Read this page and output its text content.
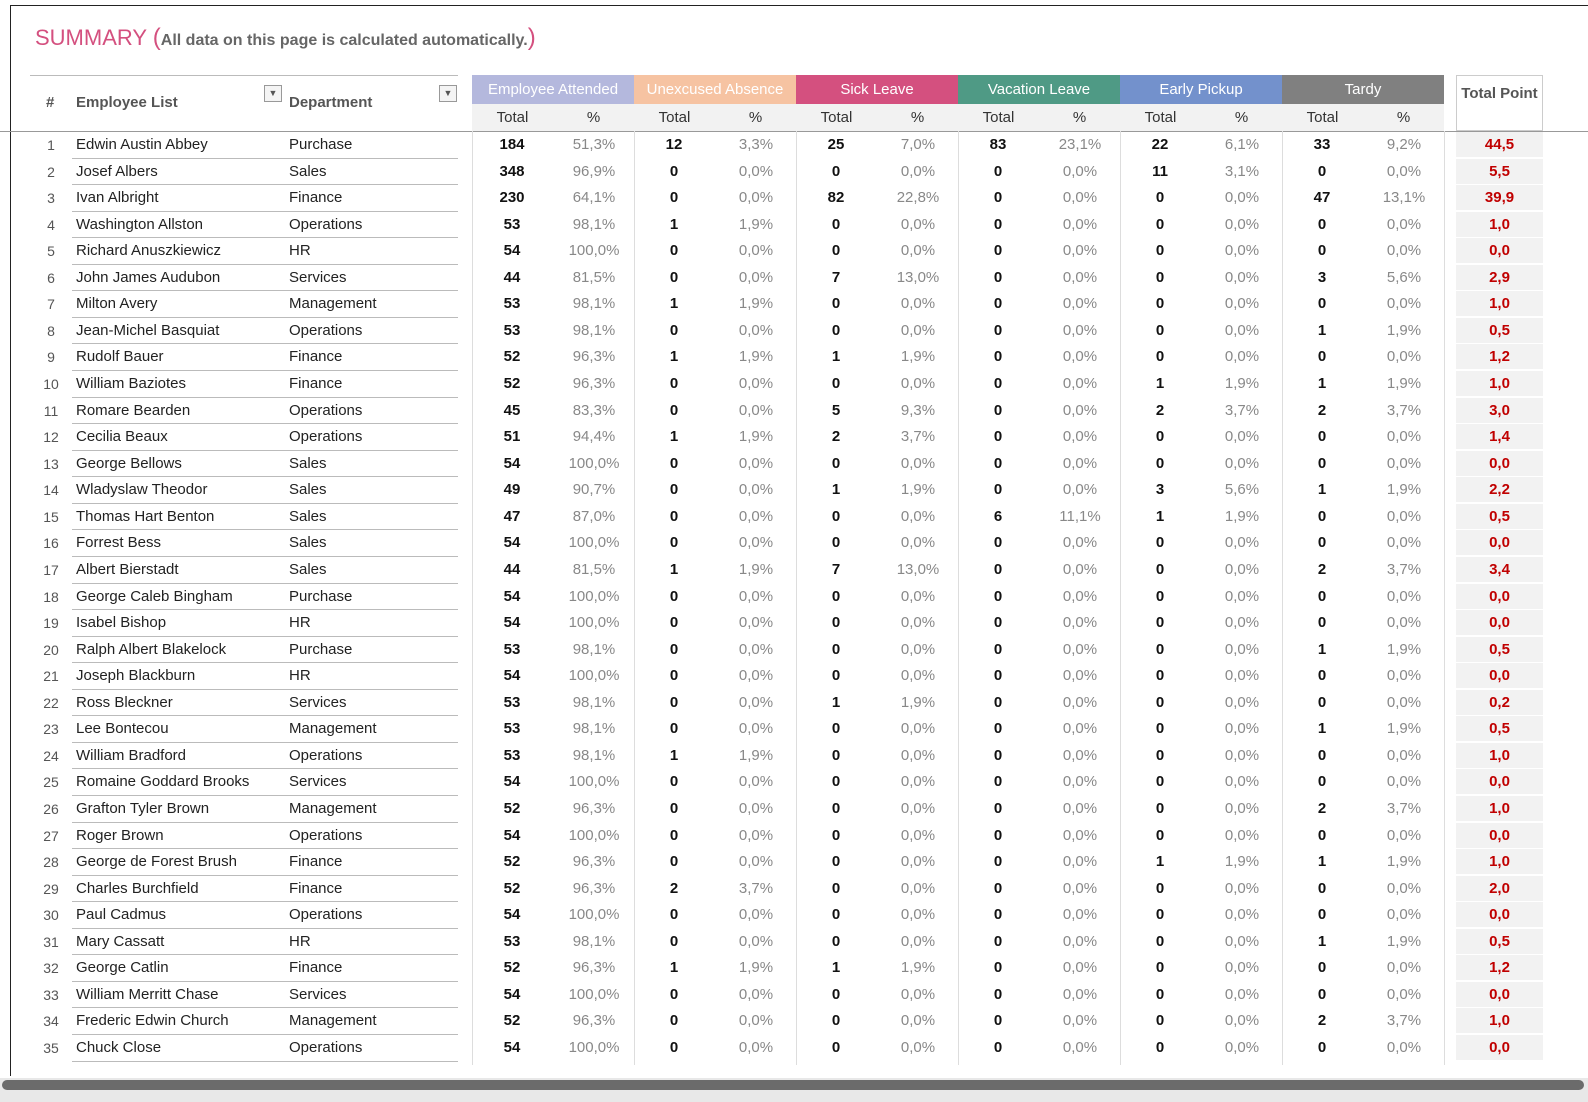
SUMMARY (All data on this page is calculated automatically.)
# Employee List
▼
Department
▼	Employee Attended
Total	%
Unexcused Absence
Total	%
Sick Leave
Total	%
Vacation Leave
Total	%
Early Pickup
Total	%
Tardy
Total	%
Total Point
1	Edwin Austin Abbey	Purchase	184	51,3%	12	3,3%	25	7,0%	83	23,1%	22	6,1%	33	9,2%	44,5
2	Josef Albers	Sales	348	96,9%	0	0,0%	0	0,0%	0	0,0%	11	3,1%	0	0,0%	5,5
3	Ivan Albright	Finance	230	64,1%	0	0,0%	82	22,8%	0	0,0%	0	0,0%	47	13,1%	39,9
4	Washington Allston	Operations	53	98,1%	1	1,9%	0	0,0%	0	0,0%	0	0,0%	0	0,0%	1,0
5	Richard Anuszkiewicz	HR	54	100,0%	0	0,0%	0	0,0%	0	0,0%	0	0,0%	0	0,0%	0,0
6	John James Audubon	Services	44	81,5%	0	0,0%	7	13,0%	0	0,0%	0	0,0%	3	5,6%	2,9
7	Milton Avery	Management	53	98,1%	1	1,9%	0	0,0%	0	0,0%	0	0,0%	0	0,0%	1,0
8	Jean-Michel Basquiat	Operations	53	98,1%	0	0,0%	0	0,0%	0	0,0%	0	0,0%	1	1,9%	0,5
9	Rudolf Bauer	Finance	52	96,3%	1	1,9%	1	1,9%	0	0,0%	0	0,0%	0	0,0%	1,2
10	William Baziotes	Finance	52	96,3%	0	0,0%	0	0,0%	0	0,0%	1	1,9%	1	1,9%	1,0
11	Romare Bearden	Operations	45	83,3%	0	0,0%	5	9,3%	0	0,0%	2	3,7%	2	3,7%	3,0
12	Cecilia Beaux	Operations	51	94,4%	1	1,9%	2	3,7%	0	0,0%	0	0,0%	0	0,0%	1,4
13	George Bellows	Sales	54	100,0%	0	0,0%	0	0,0%	0	0,0%	0	0,0%	0	0,0%	0,0
14	Wladyslaw Theodor	Sales	49	90,7%	0	0,0%	1	1,9%	0	0,0%	3	5,6%	1	1,9%	2,2
15	Thomas Hart Benton	Sales	47	87,0%	0	0,0%	0	0,0%	6	11,1%	1	1,9%	0	0,0%	0,5
16	Forrest Bess	Sales	54	100,0%	0	0,0%	0	0,0%	0	0,0%	0	0,0%	0	0,0%	0,0
17	Albert Bierstadt	Sales	44	81,5%	1	1,9%	7	13,0%	0	0,0%	0	0,0%	2	3,7%	3,4
18	George Caleb Bingham	Purchase	54	100,0%	0	0,0%	0	0,0%	0	0,0%	0	0,0%	0	0,0%	0,0
19	Isabel Bishop	HR	54	100,0%	0	0,0%	0	0,0%	0	0,0%	0	0,0%	0	0,0%	0,0
20	Ralph Albert Blakelock	Purchase	53	98,1%	0	0,0%	0	0,0%	0	0,0%	0	0,0%	1	1,9%	0,5
21	Joseph Blackburn	HR	54	100,0%	0	0,0%	0	0,0%	0	0,0%	0	0,0%	0	0,0%	0,0
22	Ross Bleckner	Services	53	98,1%	0	0,0%	1	1,9%	0	0,0%	0	0,0%	0	0,0%	0,2
23	Lee Bontecou	Management	53	98,1%	0	0,0%	0	0,0%	0	0,0%	0	0,0%	1	1,9%	0,5
24	William Bradford	Operations	53	98,1%	1	1,9%	0	0,0%	0	0,0%	0	0,0%	0	0,0%	1,0
25	Romaine Goddard Brooks	Services	54	100,0%	0	0,0%	0	0,0%	0	0,0%	0	0,0%	0	0,0%	0,0
26	Grafton Tyler Brown	Management	52	96,3%	0	0,0%	0	0,0%	0	0,0%	0	0,0%	2	3,7%	1,0
27	Roger Brown	Operations	54	100,0%	0	0,0%	0	0,0%	0	0,0%	0	0,0%	0	0,0%	0,0
28	George de Forest Brush	Finance	52	96,3%	0	0,0%	0	0,0%	0	0,0%	1	1,9%	1	1,9%	1,0
29	Charles Burchfield	Finance	52	96,3%	2	3,7%	0	0,0%	0	0,0%	0	0,0%	0	0,0%	2,0
30	Paul Cadmus	Operations	54	100,0%	0	0,0%	0	0,0%	0	0,0%	0	0,0%	0	0,0%	0,0
31	Mary Cassatt	HR	53	98,1%	0	0,0%	0	0,0%	0	0,0%	0	0,0%	1	1,9%	0,5
32	George Catlin	Finance	52	96,3%	1	1,9%	1	1,9%	0	0,0%	0	0,0%	0	0,0%	1,2
33	William Merritt Chase	Services	54	100,0%	0	0,0%	0	0,0%	0	0,0%	0	0,0%	0	0,0%	0,0
34	Frederic Edwin Church	Management	52	96,3%	0	0,0%	0	0,0%	0	0,0%	0	0,0%	2	3,7%	1,0
35	Chuck Close	Operations	54	100,0%	0	0,0%	0	0,0%	0	0,0%	0	0,0%	0	0,0%	0,0
